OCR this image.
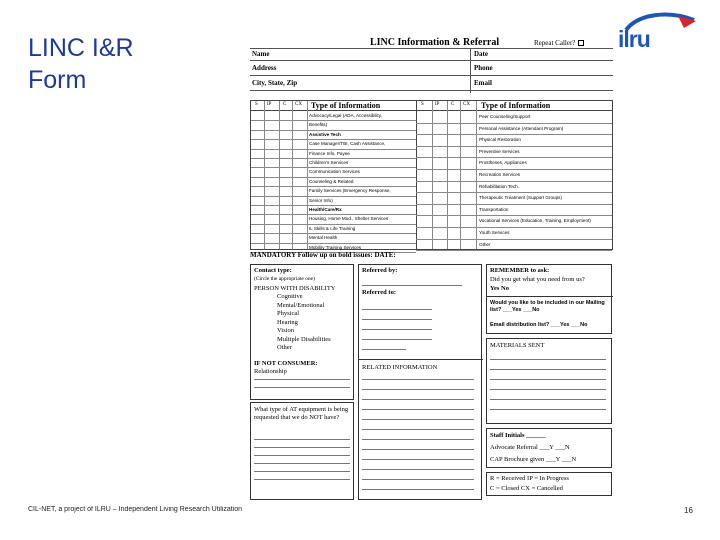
LINC I&R
Form
ilru
LINC Information & Referral	Repeat Caller?
Name	Date
Address	Phone
City, State, Zip	Email
S IP C CX Type of Information	S IP C CX Type of Information
Advocacy/Legal (ADA, Accessibility,
Benefits)
Assistive Tech
Case Manager/TBI, Cash Assistance,
Finance Info, Payee
Children's Services
Communication Services
Counseling & Related
Family Services (Emergency Response,
Senior Info)
Health/Care/Rx
Housing, Home Mod., Shelter Services
IL Skills & Life Training
Mental Health
Mobility Training Services
Peer Counseling/Support
Personal Assistance (Attendant Program)
Physical Restoration
Preventive Services
Prostheses, Appliances
Recreation Services
Rehabilitation Tech.
Therapeutic Treatment (Support Groups)
Transportation
Vocational Services (Education, Training, Employment)
Youth Services
Other
MANDATORY Follow up on bold issues: DATE:
Contact type:
(Circle the appropriate one)
PERSON WITH DISABILITY
Cognitive
Mental/Emotional
Physical
Hearing
Vision
Multiple Disabilities
Other
IF NOT CONSUMER:
Relationship
What type of AT equipment is being requested that we do NOT have?
Referred by:
Referred to:
RELATED INFORMATION
REMEMBER to ask:
Did you get what you need from us?
Yes No
Would you like to be included in our Mailing list? ___Yes ___No
Email distribution list? ___Yes ___No
MATERIALS SENT
Staff Initials ______
Advocate Referral ___Y ___N
CAP Brochure given ___Y ___N
R = Received IP = In Progress
C = Closed CX = Cancelled
CIL-NET, a project of ILRU – Independent Living Research Utilization	16
